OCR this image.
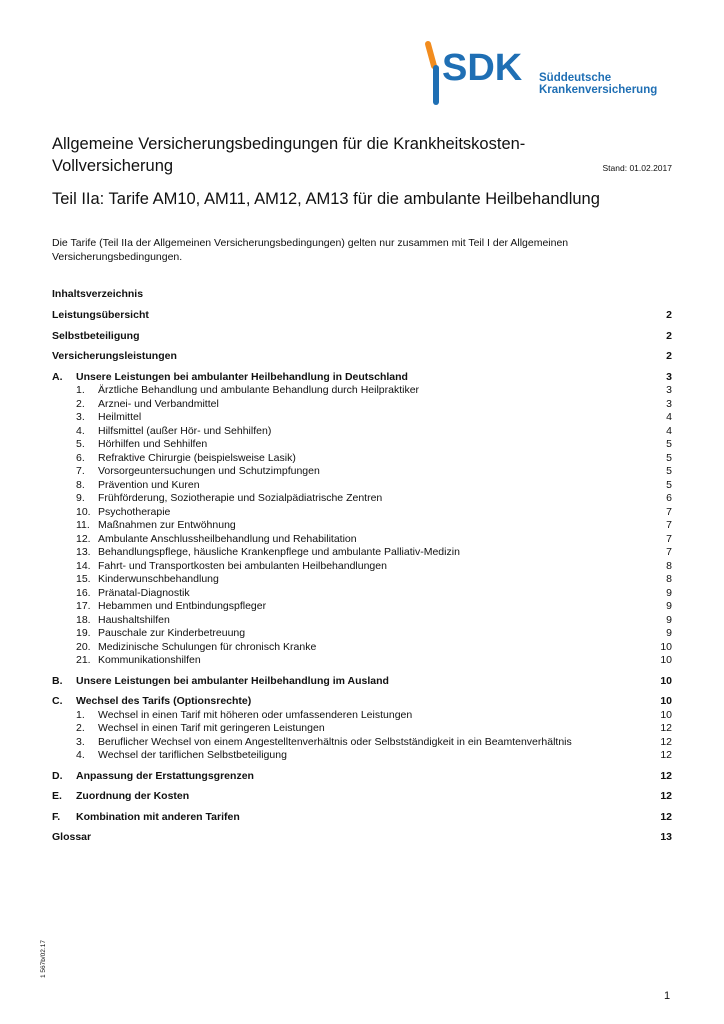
SDK Süddeutsche
Krankenversicherung
Allgemeine Versicherungsbedingungen für die Krankheitskosten-
Vollversicherung	Stand: 01.02.2017
Teil IIa: Tarife AM10, AM11, AM12, AM13 für die ambulante Heilbehandlung
Die Tarife (Teil IIa der Allgemeinen Versicherungsbedingungen) gelten nur zusammen mit Teil I der Allgemeinen Versicherungsbedingungen.
Inhaltsverzeichnis
Leistungsübersicht	2
Selbstbeteiligung	2
Versicherungsleistungen	2
A.	Unsere Leistungen bei ambulanter Heilbehandlung in Deutschland	3
1.	Ärztliche Behandlung und ambulante Behandlung durch Heilpraktiker	3
2.	Arznei- und Verbandmittel	3
3.	Heilmittel	4
4.	Hilfsmittel (außer Hör- und Sehhilfen)	4
5.	Hörhilfen und Sehhilfen	5
6.	Refraktive Chirurgie (beispielsweise Lasik)	5
7.	Vorsorgeuntersuchungen und Schutzimpfungen	5
8.	Prävention und Kuren	5
9.	Frühförderung, Soziotherapie und Sozialpädiatrische Zentren	6
10. Psychotherapie	7
11. Maßnahmen zur Entwöhnung	7
12. Ambulante Anschlussheilbehandlung und Rehabilitation	7
13. Behandlungspflege, häusliche Krankenpflege und ambulante Palliativ-Medizin	7
14. Fahrt- und Transportkosten bei ambulanten Heilbehandlungen	8
15. Kinderwunschbehandlung	8
16. Pränatal-Diagnostik	9
17. Hebammen und Entbindungspfleger	9
18. Haushaltshilfen	9
19. Pauschale zur Kinderbetreuung	9
20. Medizinische Schulungen für chronisch Kranke	10
21. Kommunikationshilfen	10
B.	Unsere Leistungen bei ambulanter Heilbehandlung im Ausland	10
C.	Wechsel des Tarifs (Optionsrechte)	10
1.	Wechsel in einen Tarif mit höheren oder umfassenderen Leistungen	10
2.	Wechsel in einen Tarif mit geringeren Leistungen	12
3.	Beruflicher Wechsel von einem Angestelltenverhältnis oder Selbstständigkeit in ein Beamtenverhältnis	12
4.	Wechsel der tariflichen Selbstbeteiligung	12
D.	Anpassung der Erstattungsgrenzen	12
E.	Zuordnung der Kosten	12
F.	Kombination mit anderen Tarifen	12
Glossar	13
1 567b/02.17
1
